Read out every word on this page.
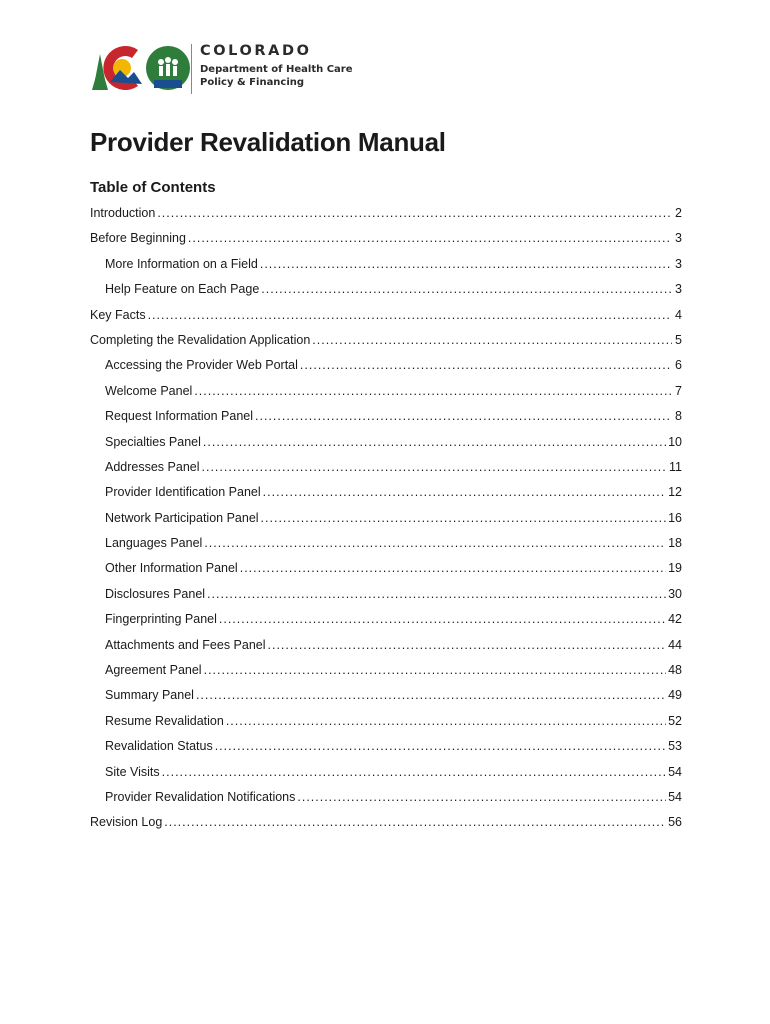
COLORADO
Department of Health Care
Policy & Financing
Provider Revalidation Manual
Table of Contents
Introduction .....	2
Before Beginning .....	3
More Information on a Field .....	3
Help Feature on Each Page .....	3
Key Facts .....	4
Completing the Revalidation Application .....	5
Accessing the Provider Web Portal .....	6
Welcome Panel .....	7
Request Information Panel .....	8
Specialties Panel .....	10
Addresses Panel .....	11
Provider Identification Panel .....	12
Network Participation Panel .....	16
Languages Panel .....	18
Other Information Panel .....	19
Disclosures Panel .....	30
Fingerprinting Panel .....	42
Attachments and Fees Panel .....	44
Agreement Panel .....	48
Summary Panel .....	49
Resume Revalidation .....	52
Revalidation Status .....	53
Site Visits .....	54
Provider Revalidation Notifications .....	54
Revision Log .....	56
